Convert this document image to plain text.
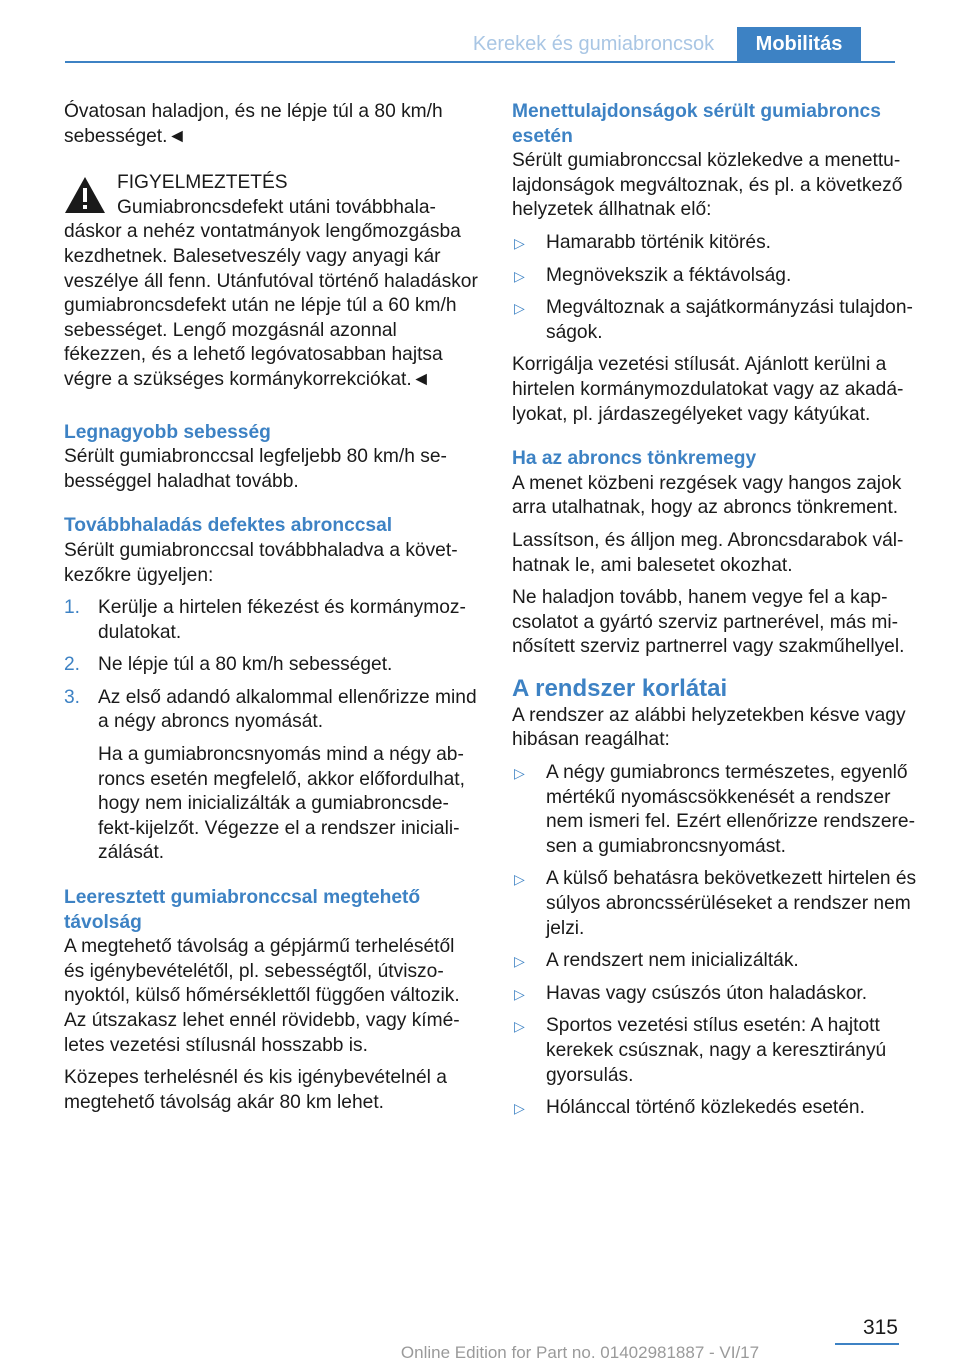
Kerekek és gumiabroncsok	Mobilitás

Óvatosan haladjon, és ne lépje túl a 80 km/h sebességet.◄

FIGYELMEZTETÉS
Gumiabroncsdefekt utáni továbbhaladáskor a nehéz vontatmányok lengőmozgásba kezdhetnek. Balesetveszély vagy anyagi kár veszélye áll fenn. Utánfutóval történő haladáskor gumiabroncsdefekt után ne lépje túl a 60 km/h sebességet. Lengő mozgásnál azonnal fékezzen, és a lehető legóvatosabban hajtsa végre a szükséges kormánykorrekciókat.◄
Legnagyobb sebesség

Sérült gumiabronccsal legfeljebb 80 km/h sebességgel haladhat tovább.

Továbbhaladás defektes abronccsal

Sérült gumiabronccsal továbbhaladva a következőkre ügyeljen:

1. Kerülje a hirtelen fékezést és kormánymozdulatokat.
2. Ne lépje túl a 80 km/h sebességet.
3. Az első adandó alkalommal ellenőrizze mind a négy abroncs nyomását.

Ha a gumiabroncsnyomás mind a négy abroncs esetén megfelelő, akkor előfordulhat, hogy nem inicializálták a gumiabroncsdefekt-kijelzőt. Végezze el a rendszer inicializálását.

Leeresztett gumiabronccsal megtehető távolság

A megtehető távolság a gépjármű terhelésétől és igénybevételétől, pl. sebességtől, útviszonyoktól, külső hőmérséklettől függően változik. Az útszakasz lehet ennél rövidebb, vagy kíméletes vezetési stílusnál hosszabb is.

Közepes terhelésnél és kis igénybevételnél a megtehető távolság akár 80 km lehet.

Menettulajdonságok sérült gumiabroncs esetén

Sérült gumiabronccsal közlekedve a menettulajdonságok megváltoznak, és pl. a következő helyzetek állhatnak elő:

▷ Hamarabb történik kitörés.
▷ Megnövekszik a féktávolság.
▷ Megváltoznak a sajátkormányzási tulajdonságok.

Korrigálja vezetési stílusát. Ajánlott kerülni a hirtelen kormánymozdulatokat vagy az akadályokat, pl. járdaszegélyeket vagy kátyúkat.

Ha az abroncs tönkremegy

A menet közbeni rezgések vagy hangos zajok arra utalhatnak, hogy az abroncs tönkrement.

Lassítson, és álljon meg. Abroncsdarabok válhatnak le, ami balesetet okozhat.

Ne haladjon tovább, hanem vegye fel a kapcsolatot a gyártó szerviz partnerével, más minősített szerviz partnerrel vagy szakműhellyel.

A rendszer korlátai

A rendszer az alábbi helyzetekben késve vagy hibásan reagálhat:

▷ A négy gumiabroncs természetes, egyenlő mértékű nyomáscsökkenését a rendszer nem ismeri fel. Ezért ellenőrizze rendszeresen a gumiabroncsnyomást.
▷ A külső behatásra bekövetkezett hirtelen és súlyos abroncssérüléseket a rendszer nem jelzi.
▷ A rendszert nem inicializálták.
▷ Havas vagy csúszós úton haladáskor.
▷ Sportos vezetési stílus esetén: A hajtott kerekek csúsznak, nagy a keresztirányú gyorsulás.
▷ Hólánccal történő közlekedés esetén.
315
Online Edition for Part no. 01402981887 - VI/17
